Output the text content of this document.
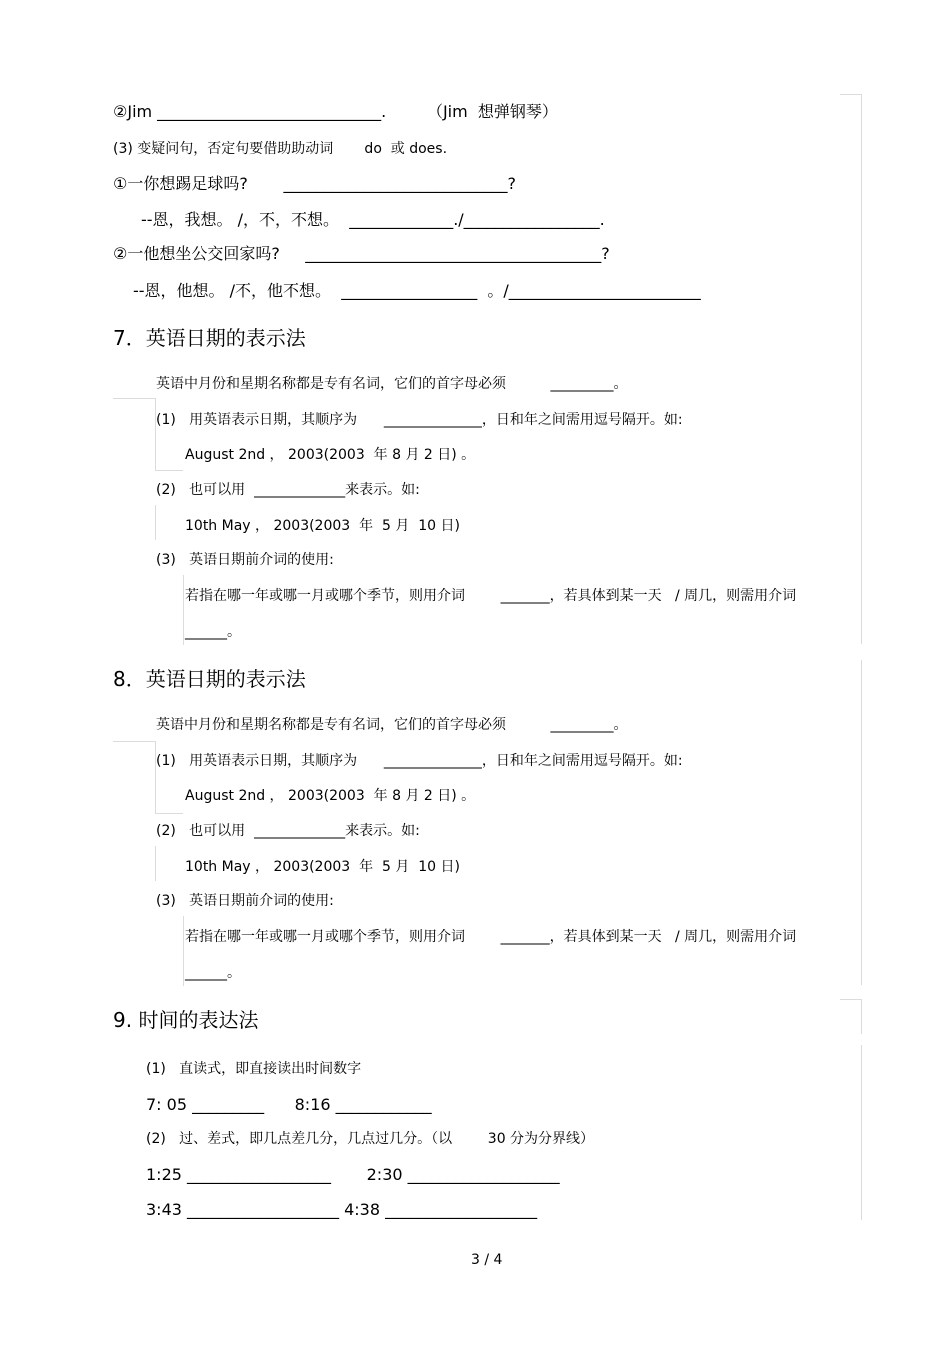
②Jim ____________________________.        （Jim  想弹钢琴）
(3) 变疑问句，否定句要借助助动词       do  或 does.
①一你想踢足球吗?       ____________________________?
--恩，我想。 /，不，不想。  _____________./_________________.
②一他想坐公交回家吗?     _____________________________________?
--恩，他想。 /不，他不想。  _________________  。/________________________
7．英语日期的表示法
英语中月份和星期名称都是专有名词，它们的首字母必须          _________。
(1)   用英语表示日期，其顺序为      ______________，日和年之间需用逗号隔开。如:
August 2nd ， 2003(2003  年 8 月 2 日) 。
(2)   也可以用  _____________来表示。如:
10th May ， 2003(2003  年  5 月  10 日)
(3)   英语日期前介词的使用:
若指在哪一年或哪一月或哪个季节，则用介词        _______，若具体到某一天   / 周几，则需用介词
______。
8．英语日期的表示法
英语中月份和星期名称都是专有名词，它们的首字母必须          _________。
(1)   用英语表示日期，其顺序为      ______________，日和年之间需用逗号隔开。如:
August 2nd ， 2003(2003  年 8 月 2 日) 。
(2)   也可以用  _____________来表示。如:
10th May ， 2003(2003  年  5 月  10 日)
(3)   英语日期前介词的使用:
若指在哪一年或哪一月或哪个季节，则用介词        _______，若具体到某一天   / 周几，则需用介词
______。
9. 时间的表达法
(1)   直读式，即直接读出时间数字
7: 05 _________      8:16 ____________
(2)   过、差式，即几点差几分，几点过几分。（以        30 分为分界线）
1:25 __________________       2:30 ___________________
3:43 ___________________ 4:38 ___________________
3 / 4
